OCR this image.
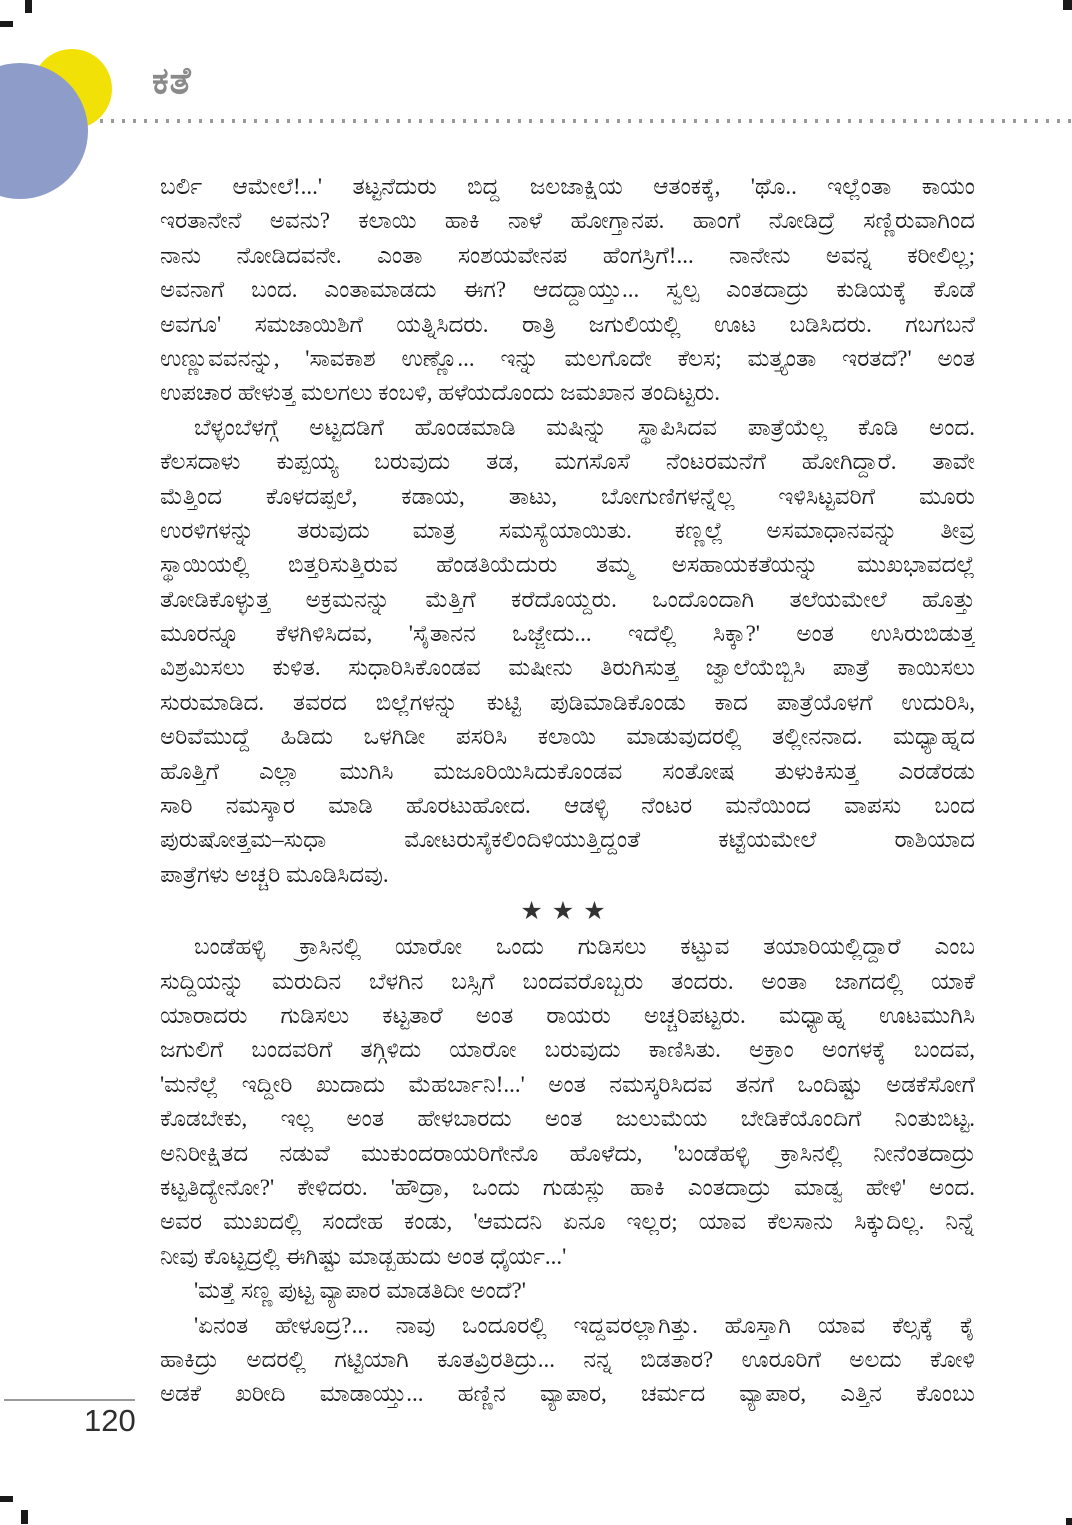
ಕತೆ
ಬರ್ಲಿ ಆಮೇಲೆ!...' ತಟ್ಟನೆದುರು ಬಿದ್ದ ಜಲಜಾಕ್ಷಿಯ ಆತಂಕಕ್ಕೆ, 'ಥೊ.. ಇಲ್ಲೆಂತಾ ಕಾಯಂ
ಇರತಾನೇನೆ ಅವನು? ಕಲಾಯಿ ಹಾಕಿ ನಾಳೆ ಹೋಗ್ತಾನಪ. ಹಾಂಗೆ ನೋಡಿದ್ರೆ ಸಣ್ಣಿರುವಾಗಿಂದ
ನಾನು ನೋಡಿದವನೇ. ಎಂತಾ ಸಂಶಯವೇನಪ ಹೆಂಗಸ್ರಿಗೆ!... ನಾನೇನು ಅವನ್ನ ಕರೀಲಿಲ್ಲ;
ಅವನಾಗೆ ಬಂದ. ಎಂತಾಮಾಡದು ಈಗ? ಆದದ್ದಾಯ್ತು... ಸ್ವಲ್ಪ ಎಂತದಾದ್ರು ಕುಡಿಯಕ್ಕೆ ಕೊಡೆ
ಅವಗೂ' ಸಮಜಾಯಿಶಿಗೆ ಯತ್ನಿಸಿದರು. ರಾತ್ರಿ ಜಗುಲಿಯಲ್ಲಿ ಊಟ ಬಡಿಸಿದರು. ಗಬಗಬನೆ
ಉಣ್ಣುವವನನ್ನು, 'ಸಾವಕಾಶ ಉಣ್ಣೊ... ಇನ್ನು ಮಲಗೊದೇ ಕೆಲಸ; ಮತ್ತ್ಯಂತಾ ಇರತದೆ?' ಅಂತ
ಉಪಚಾರ ಹೇಳುತ್ತ ಮಲಗಲು ಕಂಬಳಿ, ಹಳೆಯದೊಂದು ಜಮಖಾನ ತಂದಿಟ್ಟರು.
ಬೆಳ್ಳಂಬೆಳಗ್ಗೆ ಅಟ್ಟದಡಿಗೆ ಹೊಂಡಮಾಡಿ ಮಷಿನ್ನು ಸ್ಥಾಪಿಸಿದವ ಪಾತ್ರೆಯೆಲ್ಲ ಕೊಡಿ ಅಂದ.
ಕೆಲಸದಾಳು ಕುಪ್ಪಯ್ಯ ಬರುವುದು ತಡ, ಮಗಸೊಸೆ ನೆಂಟರಮನೆಗೆ ಹೋಗಿದ್ದಾರೆ. ತಾವೇ
ಮೆತ್ತಿಂದ ಕೊಳದಪ್ಪಲೆ, ಕಡಾಯ, ತಾಟು, ಬೋಗುಣಿಗಳನ್ನೆಲ್ಲ ಇಳಿಸಿಟ್ಟವರಿಗೆ ಮೂರು
ಉರಳಿಗಳನ್ನು ತರುವುದು ಮಾತ್ರ ಸಮಸ್ಯೆಯಾಯಿತು. ಕಣ್ಣಲ್ಲೆ ಅಸಮಾಧಾನವನ್ನು ತೀವ್ರ
ಸ್ಥಾಯಿಯಲ್ಲಿ ಬಿತ್ತರಿಸುತ್ತಿರುವ ಹೆಂಡತಿಯೆದುರು ತಮ್ಮ ಅಸಹಾಯಕತೆಯನ್ನು ಮುಖಭಾವದಲ್ಲೆ
ತೋಡಿಕೊಳ್ಳುತ್ತ ಅಕ್ರಮನನ್ನು ಮೆತ್ತಿಗೆ ಕರೆದೊಯ್ದರು. ಒಂದೊಂದಾಗಿ ತಲೆಯಮೇಲೆ ಹೊತ್ತು
ಮೂರನ್ನೂ ಕೆಳಗಿಳಿಸಿದವ, 'ಸೈತಾನನ ಒಜ್ಜೇದು... ಇದೆಲ್ಲಿ ಸಿಕ್ಕಾ?' ಅಂತ ಉಸಿರುಬಿಡುತ್ತ
ವಿಶ್ರಮಿಸಲು ಕುಳಿತ. ಸುಧಾರಿಸಿಕೊಂಡವ ಮಷೀನು ತಿರುಗಿಸುತ್ತ ಜ್ವಾಲೆಯೆಬ್ಬಿಸಿ ಪಾತ್ರೆ ಕಾಯಿಸಲು
ಸುರುಮಾಡಿದ. ತವರದ ಬಿಲ್ಲೆಗಳನ್ನು ಕುಟ್ಟಿ ಪುಡಿಮಾಡಿಕೊಂಡು ಕಾದ ಪಾತ್ರೆಯೊಳಗೆ ಉದುರಿಸಿ,
ಅರಿವೆಮುದ್ದೆ ಹಿಡಿದು ಒಳಗಿಡೀ ಪಸರಿಸಿ ಕಲಾಯಿ ಮಾಡುವುದರಲ್ಲಿ ತಲ್ಲೀನನಾದ. ಮಧ್ಯಾಹ್ನದ
ಹೊತ್ತಿಗೆ ಎಲ್ಲಾ ಮುಗಿಸಿ ಮಜೂರಿಯಿಸಿದುಕೊಂಡವ ಸಂತೋಷ ತುಳುಕಿಸುತ್ತ ಎರಡೆರಡು
ಸಾರಿ ನಮಸ್ಕಾರ ಮಾಡಿ ಹೊರಟುಹೋದ. ಆಡಳ್ಳಿ ನೆಂಟರ ಮನೆಯಿಂದ ವಾಪಸು ಬಂದ
ಪುರುಷೋತ್ತಮ–ಸುಧಾ ಮೋಟರುಸೈಕಲಿಂದಿಳಿಯುತ್ತಿದ್ದಂತೆ ಕಟ್ಟೆಯಮೇಲೆ ರಾಶಿಯಾದ
ಪಾತ್ರೆಗಳು ಅಚ್ಚರಿ ಮೂಡಿಸಿದವು.
★★★
ಬಂಡೆಹಳ್ಳಿ ಕ್ರಾಸಿನಲ್ಲಿ ಯಾರೋ ಒಂದು ಗುಡಿಸಲು ಕಟ್ಟುವ ತಯಾರಿಯಲ್ಲಿದ್ದಾರೆ ಎಂಬ
ಸುದ್ದಿಯನ್ನು ಮರುದಿನ ಬೆಳಗಿನ ಬಸ್ಸಿಗೆ ಬಂದವರೊಬ್ಬರು ತಂದರು. ಅಂತಾ ಜಾಗದಲ್ಲಿ ಯಾಕೆ
ಯಾರಾದರು ಗುಡಿಸಲು ಕಟ್ಟತಾರೆ ಅಂತ ರಾಯರು ಅಚ್ಚರಿಪಟ್ಟರು. ಮಧ್ಯಾಹ್ನ ಊಟಮುಗಿಸಿ
ಜಗುಲಿಗೆ ಬಂದವರಿಗೆ ತಗ್ಗಿಳಿದು ಯಾರೋ ಬರುವುದು ಕಾಣಿಸಿತು. ಅಕ್ರಾಂ ಅಂಗಳಕ್ಕೆ ಬಂದವ,
'ಮನೆಲ್ಲೆ ಇದ್ದೀರಿ ಖುದಾದು ಮೆಹರ್ಬಾನಿ!...' ಅಂತ ನಮಸ್ಕರಿಸಿದವ ತನಗೆ ಒಂದಿಷ್ಟು ಅಡಕೆಸೋಗೆ
ಕೊಡಬೇಕು, ಇಲ್ಲ ಅಂತ ಹೇಳಬಾರದು ಅಂತ ಜುಲುಮೆಯ ಬೇಡಿಕೆಯೊಂದಿಗೆ ನಿಂತುಬಿಟ್ಟ.
ಅನಿರೀಕ್ಷಿತದ ನಡುವೆ ಮುಕುಂದರಾಯರಿಗೇನೊ ಹೊಳೆದು, 'ಬಂಡೆಹಳ್ಳಿ ಕ್ರಾಸಿನಲ್ಲಿ ನೀನೆಂತದಾದ್ರು
ಕಟ್ಟತಿದ್ಯೇನೋ?' ಕೇಳಿದರು. 'ಹೌದ್ರಾ, ಒಂದು ಗುಡುಸ್ಲು ಹಾಕಿ ಎಂತದಾದ್ರು ಮಾಡ್ವ ಹೇಳಿ' ಅಂದ.
ಅವರ ಮುಖದಲ್ಲಿ ಸಂದೇಹ ಕಂಡು, 'ಆಮದನಿ ಏನೂ ಇಲ್ಲರ; ಯಾವ ಕೆಲಸಾನು ಸಿಕ್ಕುದಿಲ್ಲ. ನಿನ್ನೆ
ನೀವು ಕೊಟ್ಟದ್ರಲ್ಲಿ ಈಗಿಷ್ಟು ಮಾಡ್ಬಹುದು ಅಂತ ಧೈರ್ಯ...'
'ಮತ್ತೆ ಸಣ್ಣ ಪುಟ್ಟ ವ್ಯಾಪಾರ ಮಾಡತಿದೀ ಅಂದೆ?'
'ಏನಂತ ಹೇಳೂದ್ರ?... ನಾವು ಒಂದೂರಲ್ಲಿ ಇದ್ದವರಲ್ಲಾಗಿತ್ತು. ಹೊಸ್ತಾಗಿ ಯಾವ ಕೆಲ್ಸಕ್ಕೆ ಕೈ
ಹಾಕಿದ್ರು ಅದರಲ್ಲಿ ಗಟ್ಟಿಯಾಗಿ ಕೂತವ್ರಿರತಿದ್ರು... ನನ್ನ ಬಿಡತಾರ? ಊರೂರಿಗೆ ಅಲದು ಕೋಳಿ
ಅಡಕೆ ಖರೀದಿ ಮಾಡಾಯ್ತು... ಹಣ್ಣಿನ ವ್ಯಾಪಾರ, ಚರ್ಮದ ವ್ಯಾಪಾರ, ಎತ್ತಿನ ಕೊಂಬು
120
